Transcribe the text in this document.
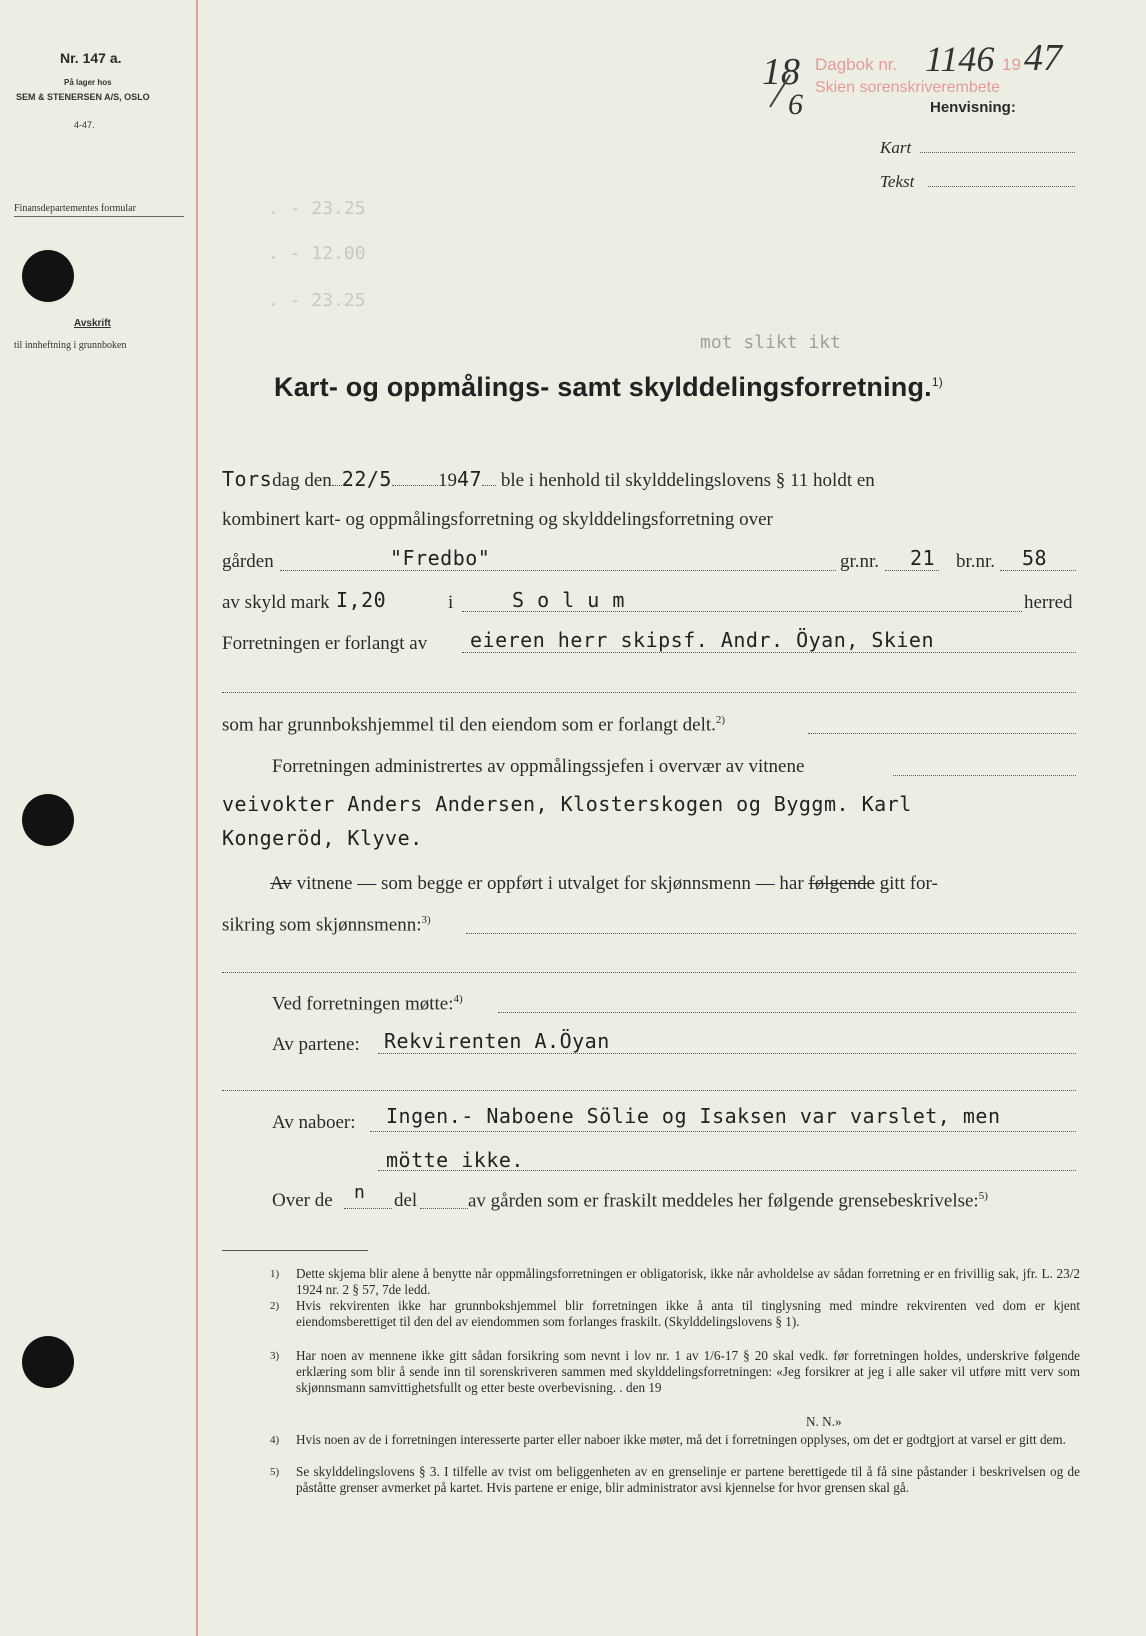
Nr. 147 a.
På lager hos
SEM & STENERSEN A/S, OSLO
4-47.
Finansdepartementes formular
Avskrift
til innheftning i grunnboken
18
6
Dagbok nr. 1146 19 47
Skien sorenskriverembete
Henvisning:
Kart
Tekst
. - 23.25
. - 12.00
. - 23.25
mot slikt ikt
Kart- og oppmålings- samt skylddelingsforretning.$^{1)}$
Torsdag den 22/5 1947 ble i henhold til skylddelingslovens § 11 holdt en
kombinert kart- og oppmålingsforretning og skylddelingsforretning over
gården	"Fredbo"	gr.nr. 21 br.nr. 58
av skyld mark I,20	i	S o l u m	herred
Forretningen er forlangt av eieren herr skipsf. Andr. Öyan, Skien
som har grunnbokshjemmel til den eiendom som er forlangt delt.$^{2)}$
Forretningen administrertes av oppmålingssjefen i overvær av vitnene
veivokter Anders Andersen, Klosterskogen og Byggm. Karl
Kongeröd, Klyve.
Av vitnene — som begge er oppført i utvalget for skjønnsmenn — har følgende gitt for-
sikring som skjønnsmenn:$^{3)}$
Ved forretningen møtte:$^{4)}$
Av partene: Rekvirenten A.Öyan
Av naboer: Ingen.- Naboene Sölie og Isaksen var varslet, men
mötte ikke.
Over de n del	av gården som er fraskilt meddeles her følgende grensebeskrivelse:$^{5)}$
1) Dette skjema blir alene å benytte når oppmålingsforretningen er obligatorisk, ikke når avholdelse av sådan forretning er en frivillig sak, jfr. L. 23/2 1924 nr. 2 § 57, 7de ledd.
2) Hvis rekvirenten ikke har grunnbokshjemmel blir forretningen ikke å anta til tinglysning med mindre rekvirenten ved dom er kjent eiendomsberettiget til den del av eiendommen som forlanges fraskilt. (Skylddelingslovens § 1).
3) Har noen av mennene ikke gitt sådan forsikring som nevnt i lov nr. 1 av 1/6-17 § 20 skal vedk. før forretningen holdes, underskrive følgende erklæring som blir å sende inn til sorenskriveren sammen med skylddelingsforretningen: «Jeg forsikrer at jeg i alle saker vil utføre mitt verv som skjønnsmann samvittighetsfullt og etter beste overbevisning. . den 19
N. N.»
4) Hvis noen av de i forretningen interesserte parter eller naboer ikke møter, må det i forretningen opplyses, om det er godtgjort at varsel er gitt dem.
5) Se skylddelingslovens § 3. I tilfelle av tvist om beliggenheten av en grenselinje er partene berettigede til å få sine påstander i beskrivelsen og de påståtte grenser avmerket på kartet. Hvis partene er enige, blir administrator avsi kjennelse for hvor grensen skal gå.
